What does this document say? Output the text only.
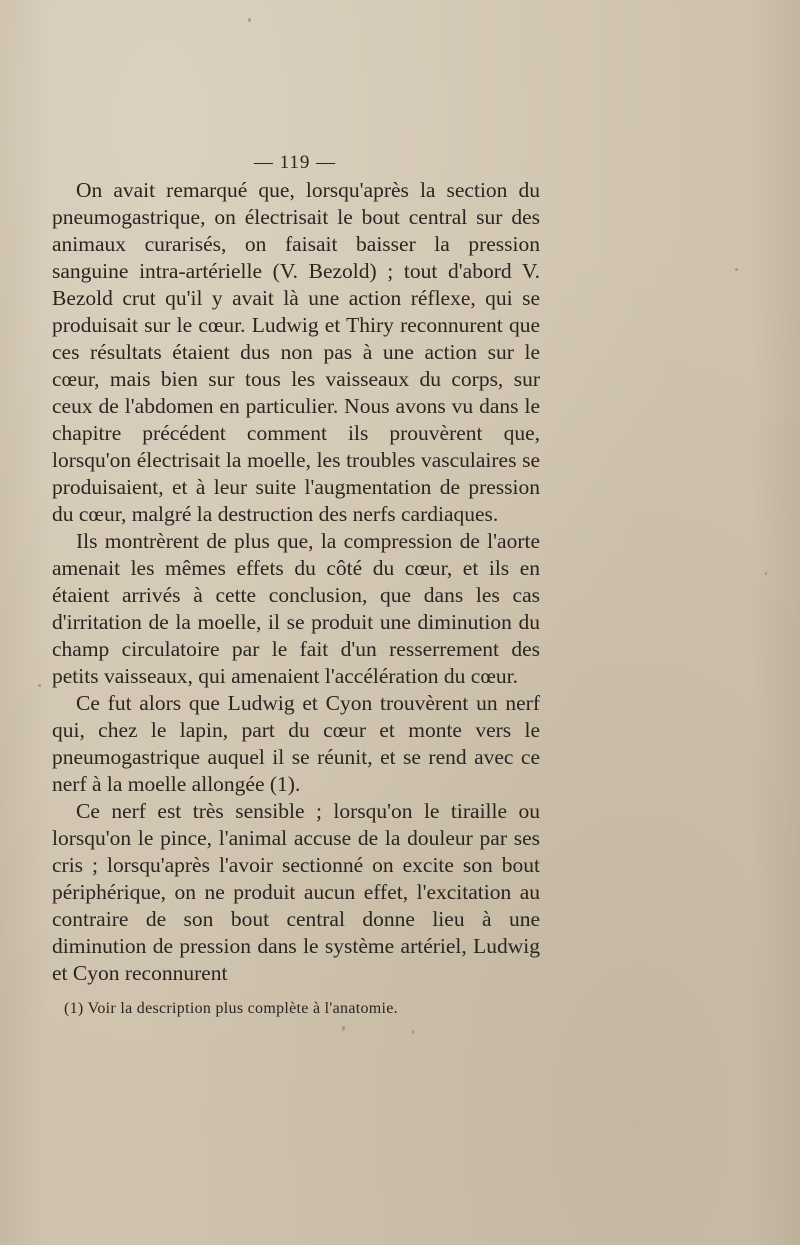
— 119 —

On avait remarqué que, lorsqu'après la section du pneumogastrique, on électrisait le bout central sur des animaux curarisés, on faisait baisser la pression sanguine intra-artérielle (V. Bezold) ; tout d'abord V. Bezold crut qu'il y avait là une action réflexe, qui se produisait sur le cœur. Ludwig et Thiry reconnurent que ces résultats étaient dus non pas à une action sur le cœur, mais bien sur tous les vaisseaux du corps, sur ceux de l'abdomen en particulier. Nous avons vu dans le chapitre précédent comment ils prouvèrent que, lorsqu'on électrisait la moelle, les troubles vasculaires se produisaient, et à leur suite l'augmentation de pression du cœur, malgré la destruction des nerfs cardiaques.

Ils montrèrent de plus que, la compression de l'aorte amenait les mêmes effets du côté du cœur, et ils en étaient arrivés à cette conclusion, que dans les cas d'irritation de la moelle, il se produit une diminution du champ circulatoire par le fait d'un resserrement des petits vaisseaux, qui amenaient l'accélération du cœur.

Ce fut alors que Ludwig et Cyon trouvèrent un nerf qui, chez le lapin, part du cœur et monte vers le pneumogastrique auquel il se réunit, et se rend avec ce nerf à la moelle allongée (1).

Ce nerf est très sensible ; lorsqu'on le tiraille ou lorsqu'on le pince, l'animal accuse de la douleur par ses cris ; lorsqu'après l'avoir sectionné on excite son bout périphérique, on ne produit aucun effet, l'excitation au contraire de son bout central donne lieu à une diminution de pression dans le système artériel, Ludwig et Cyon reconnurent

(1) Voir la description plus complète à l'anatomie.
